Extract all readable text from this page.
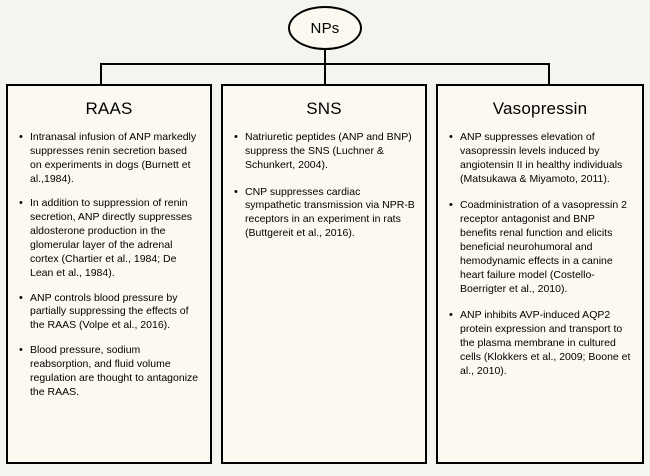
NPs
RAAS
• Intranasal infusion of ANP markedly suppresses renin secretion based on experiments in dogs (Burnett et al.,1984).
• In addition to suppression of renin secretion, ANP directly suppresses aldosterone production in the glomerular layer of the adrenal cortex (Chartier et al., 1984; De Lean et al., 1984).
• ANP controls blood pressure by partially suppressing the effects of the RAAS (Volpe et al., 2016).
• Blood pressure, sodium reabsorption, and fluid volume regulation are thought to antagonize the RAAS.
SNS
• Natriuretic peptides (ANP and BNP) suppress the SNS (Luchner & Schunkert, 2004).
• CNP suppresses cardiac sympathetic transmission via NPR-B receptors in an experiment in rats (Buttgereit et al., 2016).
Vasopressin
• ANP suppresses elevation of vasopressin levels induced by angiotensin II in healthy individuals (Matsukawa & Miyamoto, 2011).
• Coadministration of a vasopressin 2 receptor antagonist and BNP benefits renal function and elicits beneficial neurohumoral and hemodynamic effects in a canine heart failure model (Costello-Boerrigter et al., 2010).
• ANP inhibits AVP-induced AQP2 protein expression and transport to the plasma membrane in cultured cells (Klokkers et al., 2009; Boone et al., 2010).
